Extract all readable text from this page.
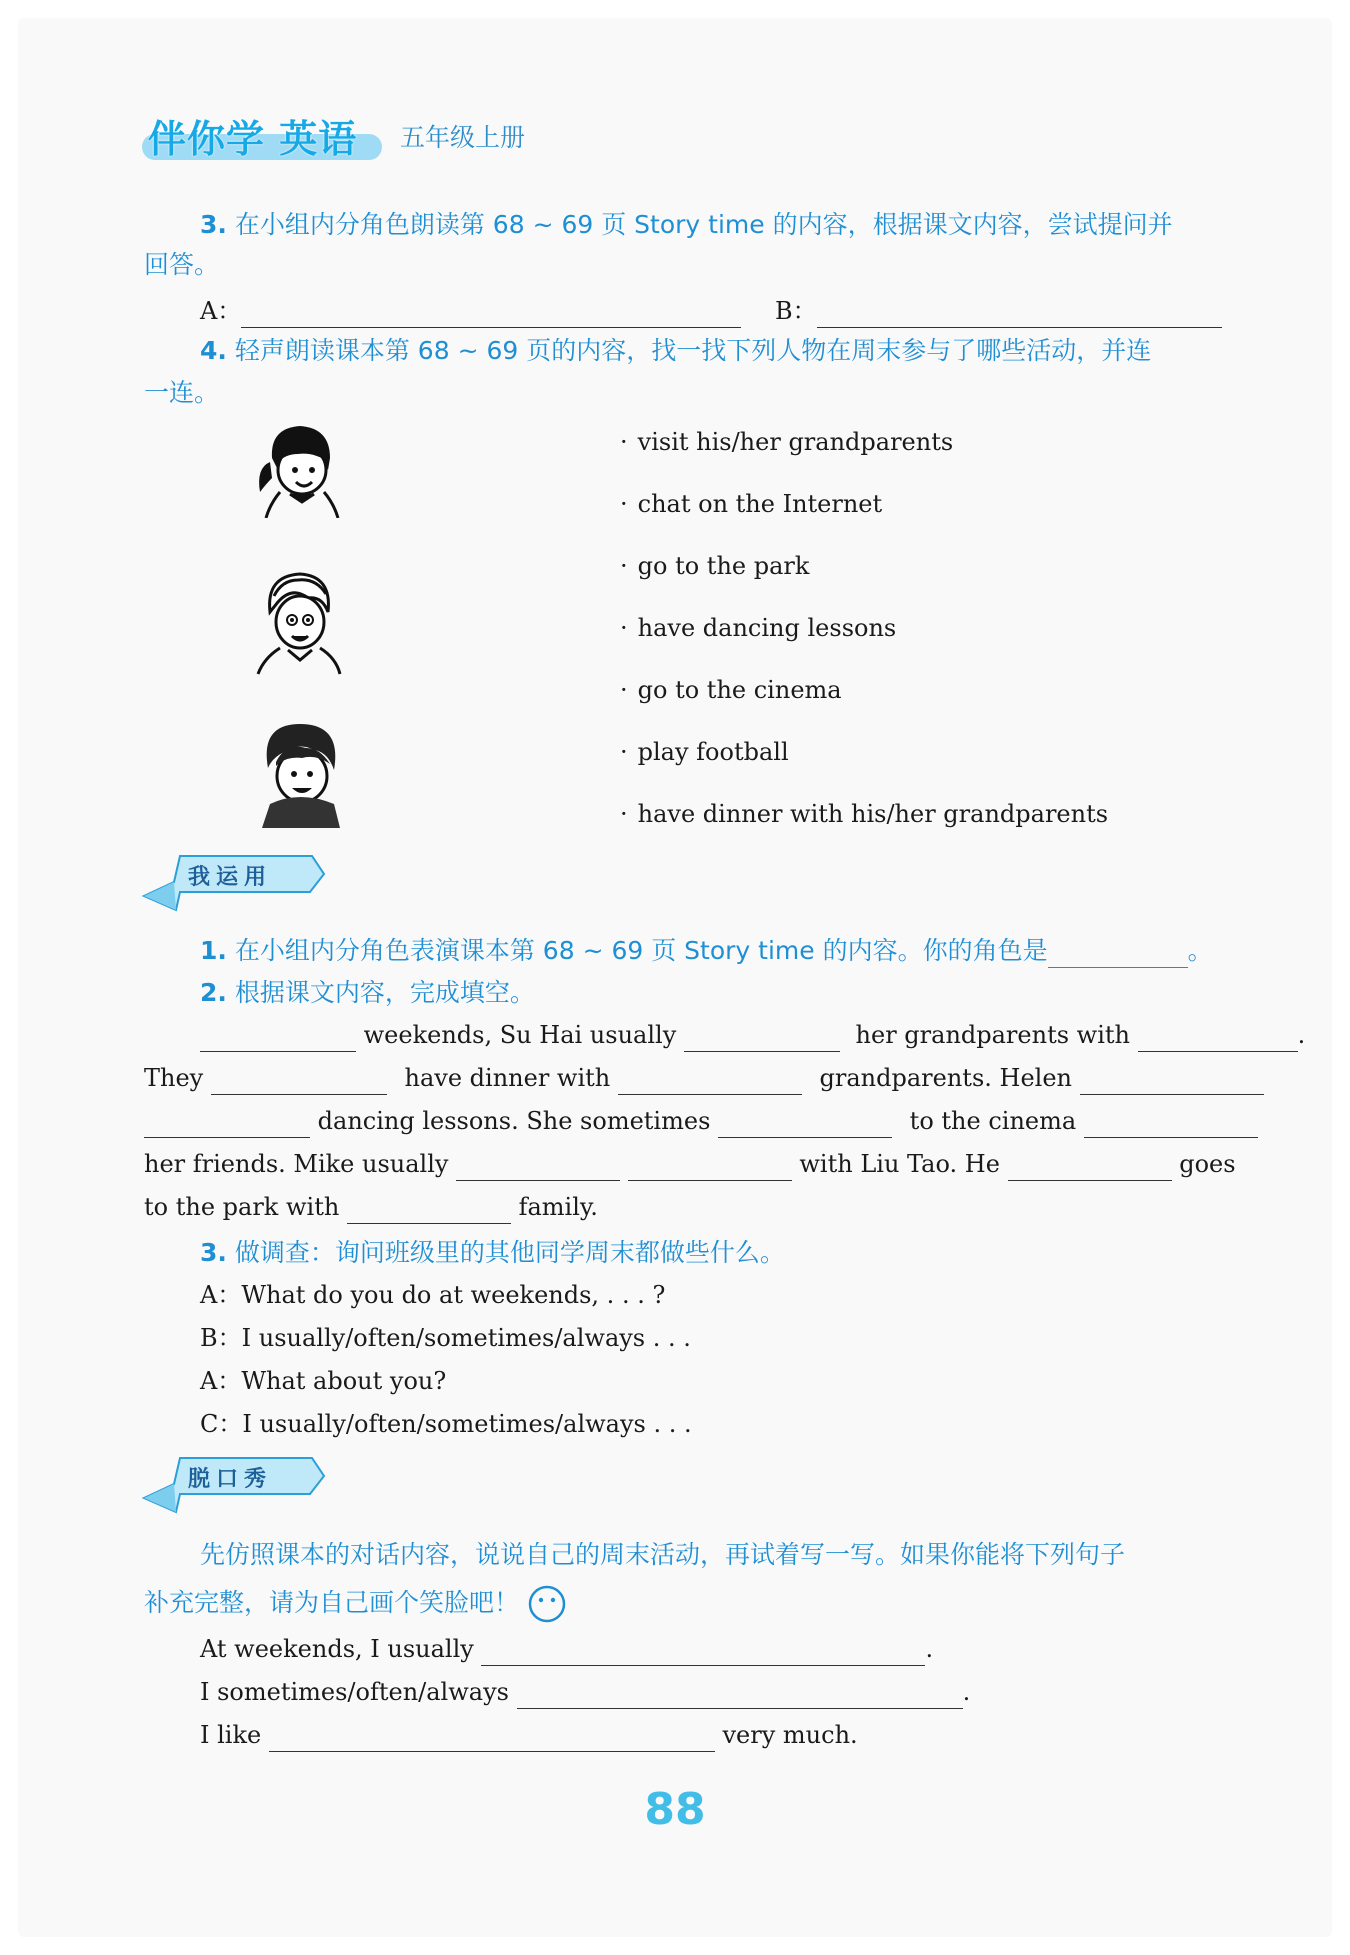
伴你学 英语 五年级上册
3. 在小组内分角色朗读第 68 ~ 69 页 Story time 的内容，根据课文内容，尝试提问并
回答。
A：	B：
4. 轻声朗读课本第 68 ~ 69 页的内容，找一找下列人物在周末参与了哪些活动，并连
一连。
· visit his/her grandparents
· chat on the Internet
· go to the park
· have dancing lessons
· go to the cinema
· play football
· have dinner with his/her grandparents
我运用
1. 在小组内分角色表演课本第 68 ~ 69 页 Story time 的内容。你的角色是	。
2. 根据课文内容，完成填空。
weekends, Su Hai usually	her grandparents with	.
They	have dinner with	grandparents. Helen
dancing lessons. She sometimes	to the cinema
her friends. Mike usually	with Liu Tao. He	goes
to the park with	family.
3. 做调查：询问班级里的其他同学周末都做些什么。
A：What do you do at weekends, . . . ?
B：I usually/often/sometimes/always . . .
A：What about you?
C：I usually/often/sometimes/always . . .
脱口秀
先仿照课本的对话内容，说说自己的周末活动，再试着写一写。如果你能将下列句子
补充完整，请为自己画个笑脸吧！
At weekends, I usually	.
I sometimes/often/always	.
I like	very much.
88
